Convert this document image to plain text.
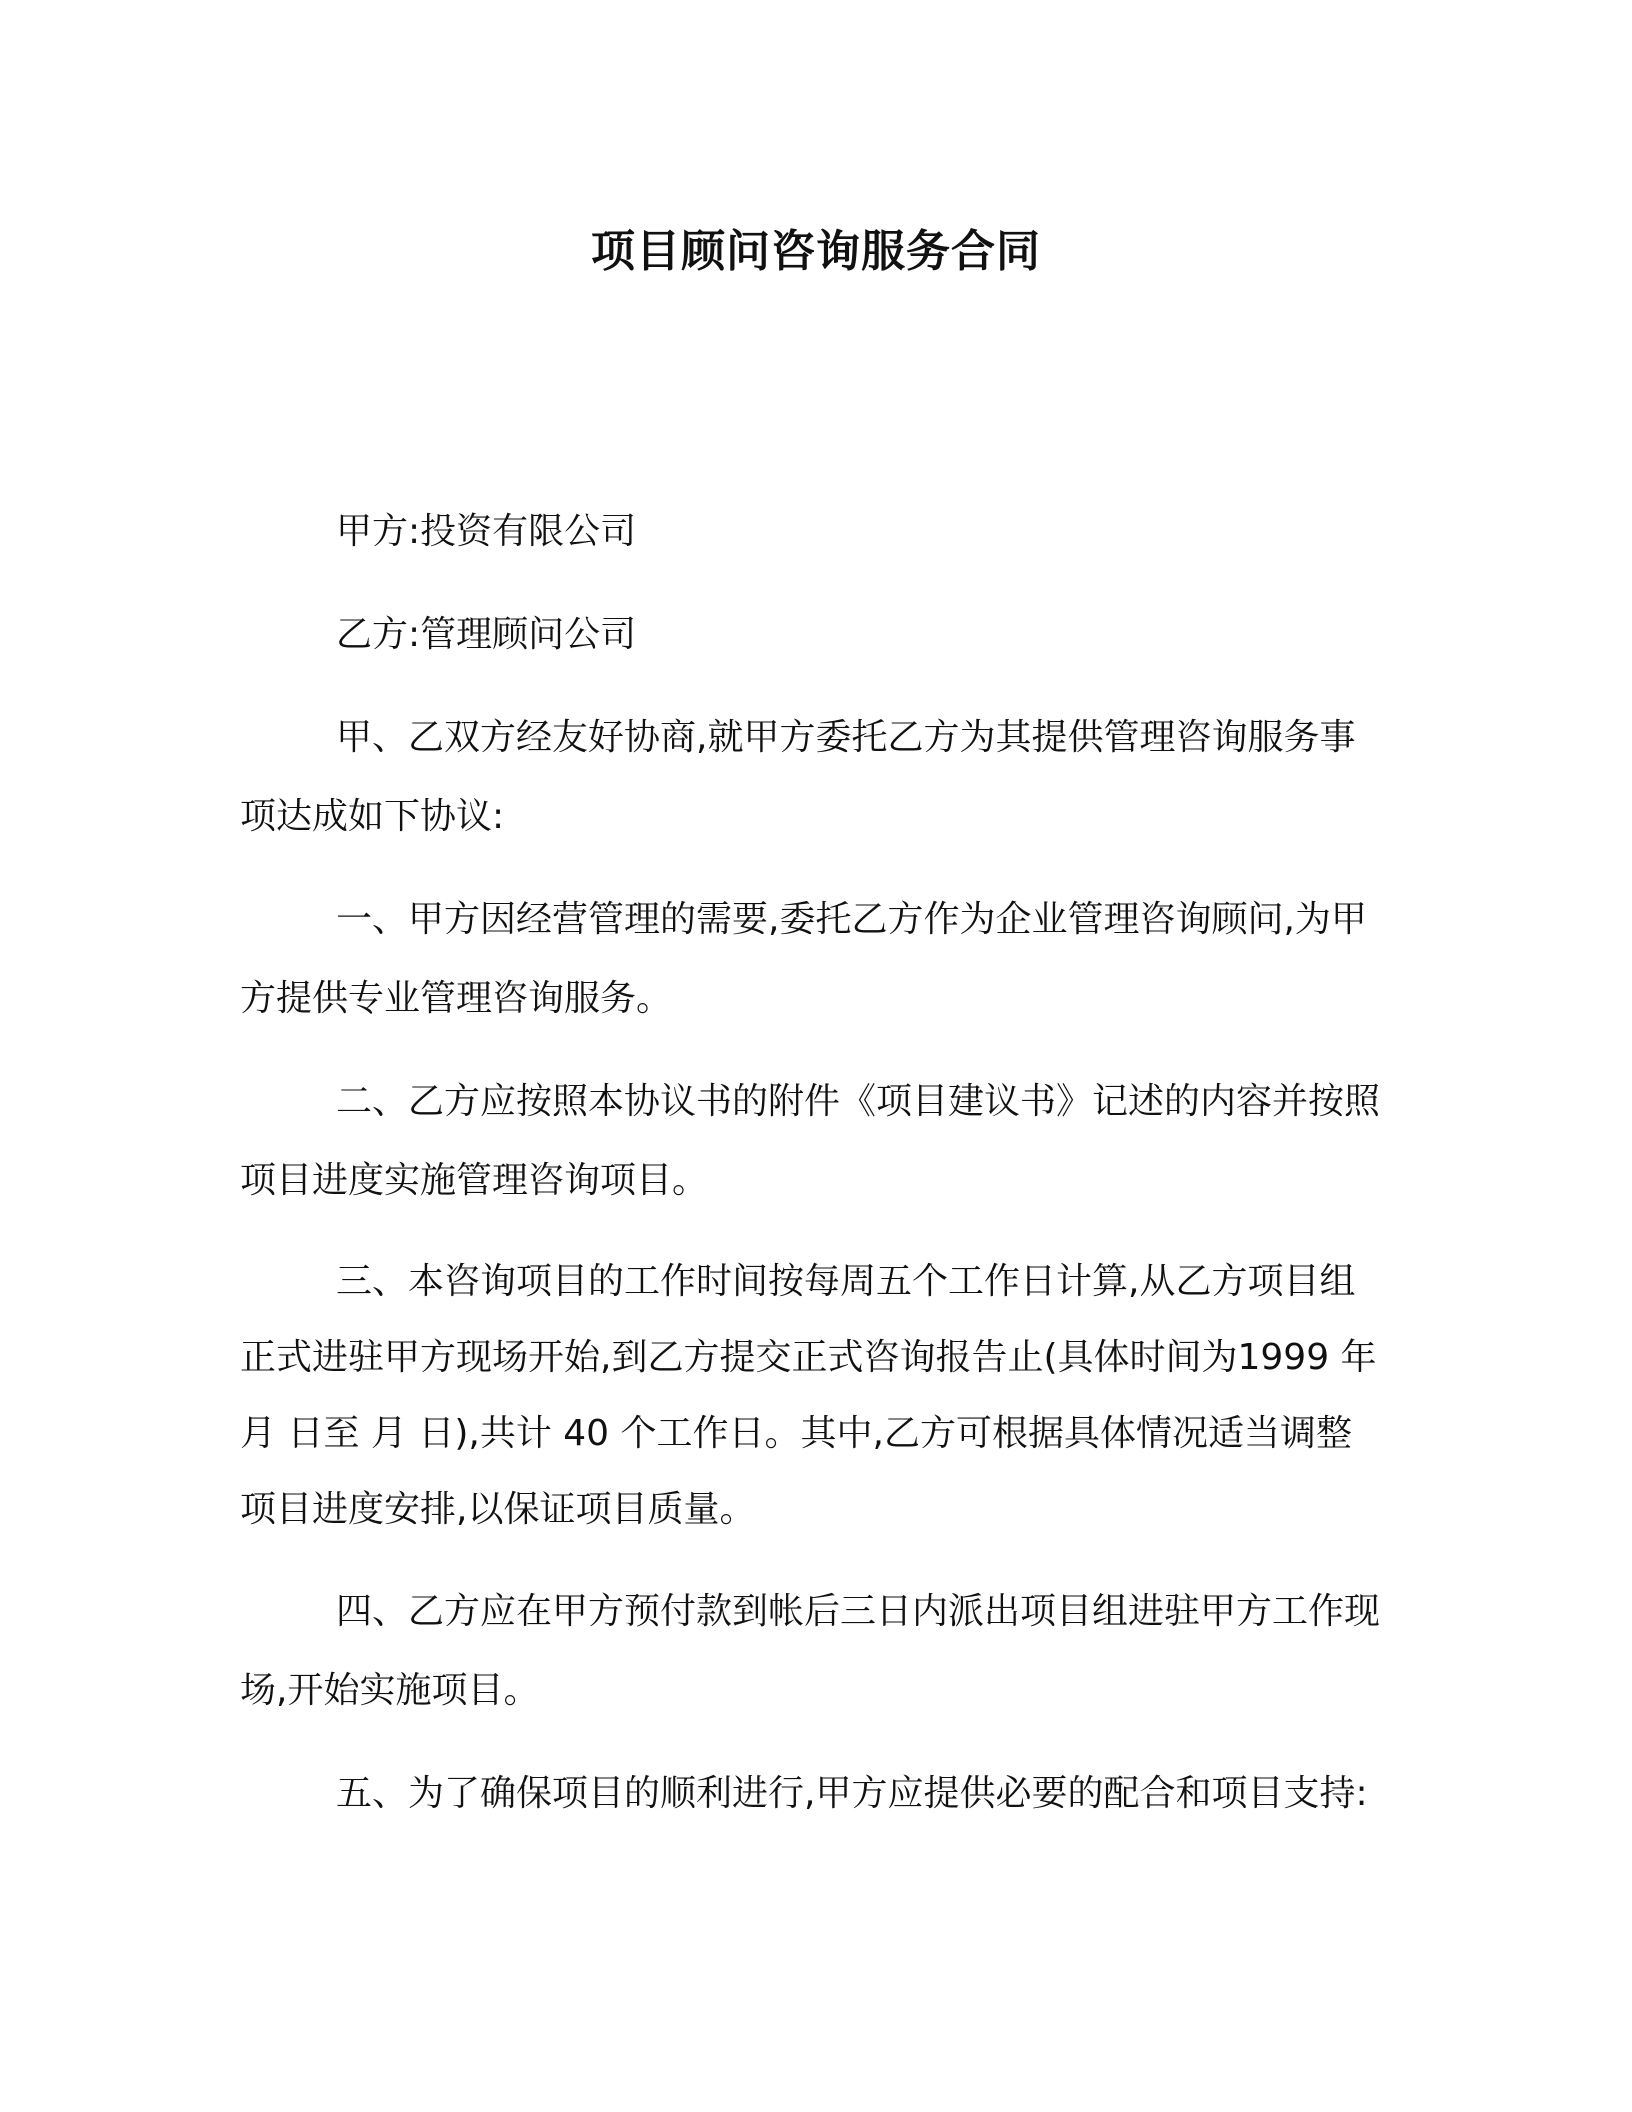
项目顾问咨询服务合同

甲方:投资有限公司

乙方:管理顾问公司

甲、乙双方经友好协商,就甲方委托乙方为其提供管理咨询服务事项达成如下协议:

一、甲方因经营管理的需要,委托乙方作为企业管理咨询顾问,为甲方提供专业管理咨询服务。

二、乙方应按照本协议书的附件《项目建议书》记述的内容并按照项目进度实施管理咨询项目。

三、本咨询项目的工作时间按每周五个工作日计算,从乙方项目组正式进驻甲方现场开始,到乙方提交正式咨询报告止(具体时间为1999 年 月 日至 月 日),共计 40 个工作日。其中,乙方可根据具体情况适当调整项目进度安排,以保证项目质量。

四、乙方应在甲方预付款到帐后三日内派出项目组进驻甲方工作现场,开始实施项目。

五、为了确保项目的顺利进行,甲方应提供必要的配合和项目支持:
